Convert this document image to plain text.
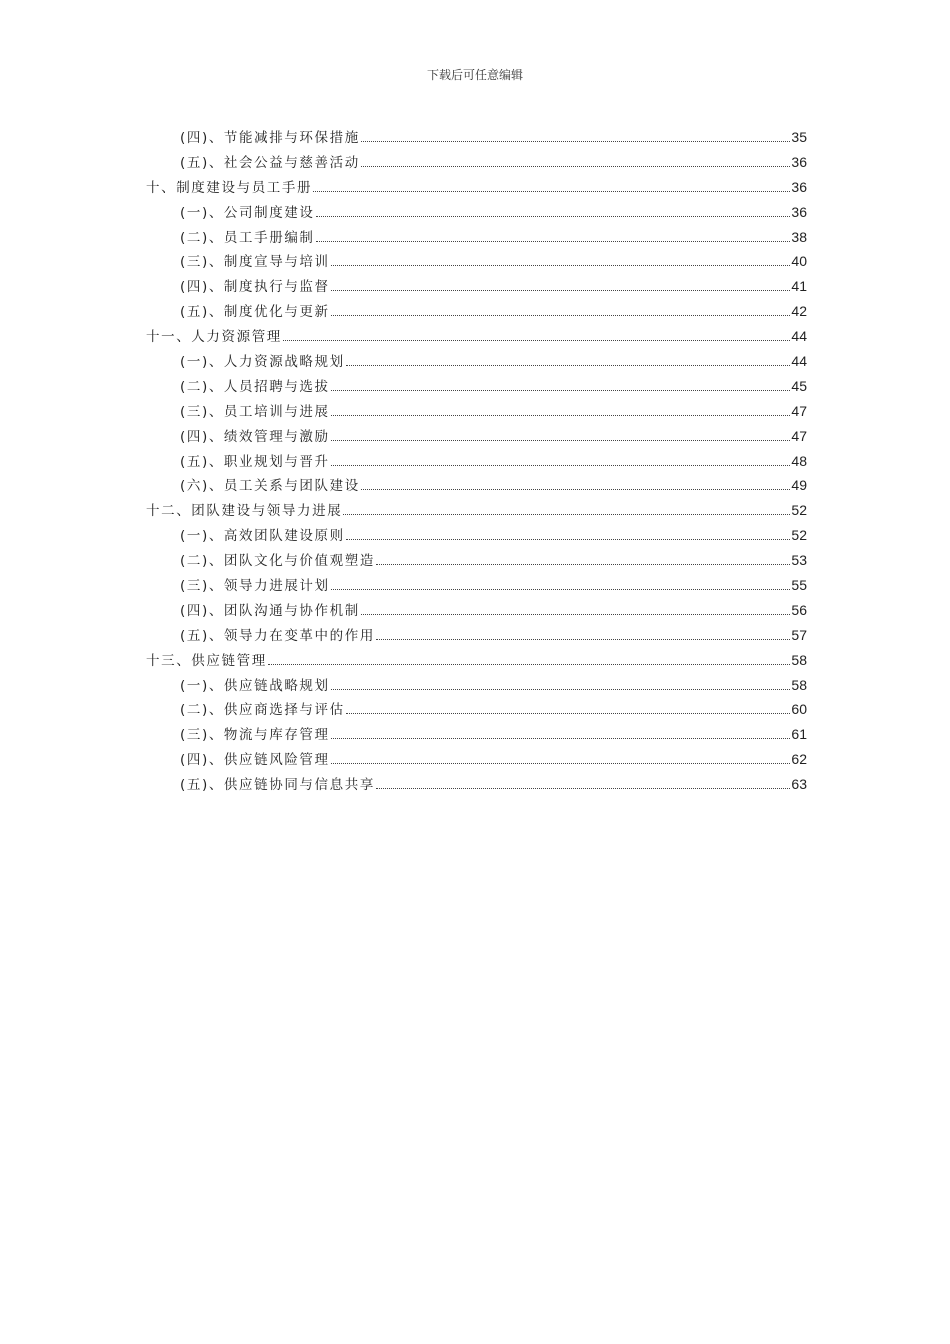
下载后可任意编辑
(四)、节能减排与环保措施	35
(五)、社会公益与慈善活动	36
十、制度建设与员工手册	36
(一)、公司制度建设	36
(二)、员工手册编制	38
(三)、制度宣导与培训	40
(四)、制度执行与监督	41
(五)、制度优化与更新	42
十一、人力资源管理	44
(一)、人力资源战略规划	44
(二)、人员招聘与选拔	45
(三)、员工培训与进展	47
(四)、绩效管理与激励	47
(五)、职业规划与晋升	48
(六)、员工关系与团队建设	49
十二、团队建设与领导力进展	52
(一)、高效团队建设原则	52
(二)、团队文化与价值观塑造	53
(三)、领导力进展计划	55
(四)、团队沟通与协作机制	56
(五)、领导力在变革中的作用	57
十三、供应链管理	58
(一)、供应链战略规划	58
(二)、供应商选择与评估	60
(三)、物流与库存管理	61
(四)、供应链风险管理	62
(五)、供应链协同与信息共享	63
